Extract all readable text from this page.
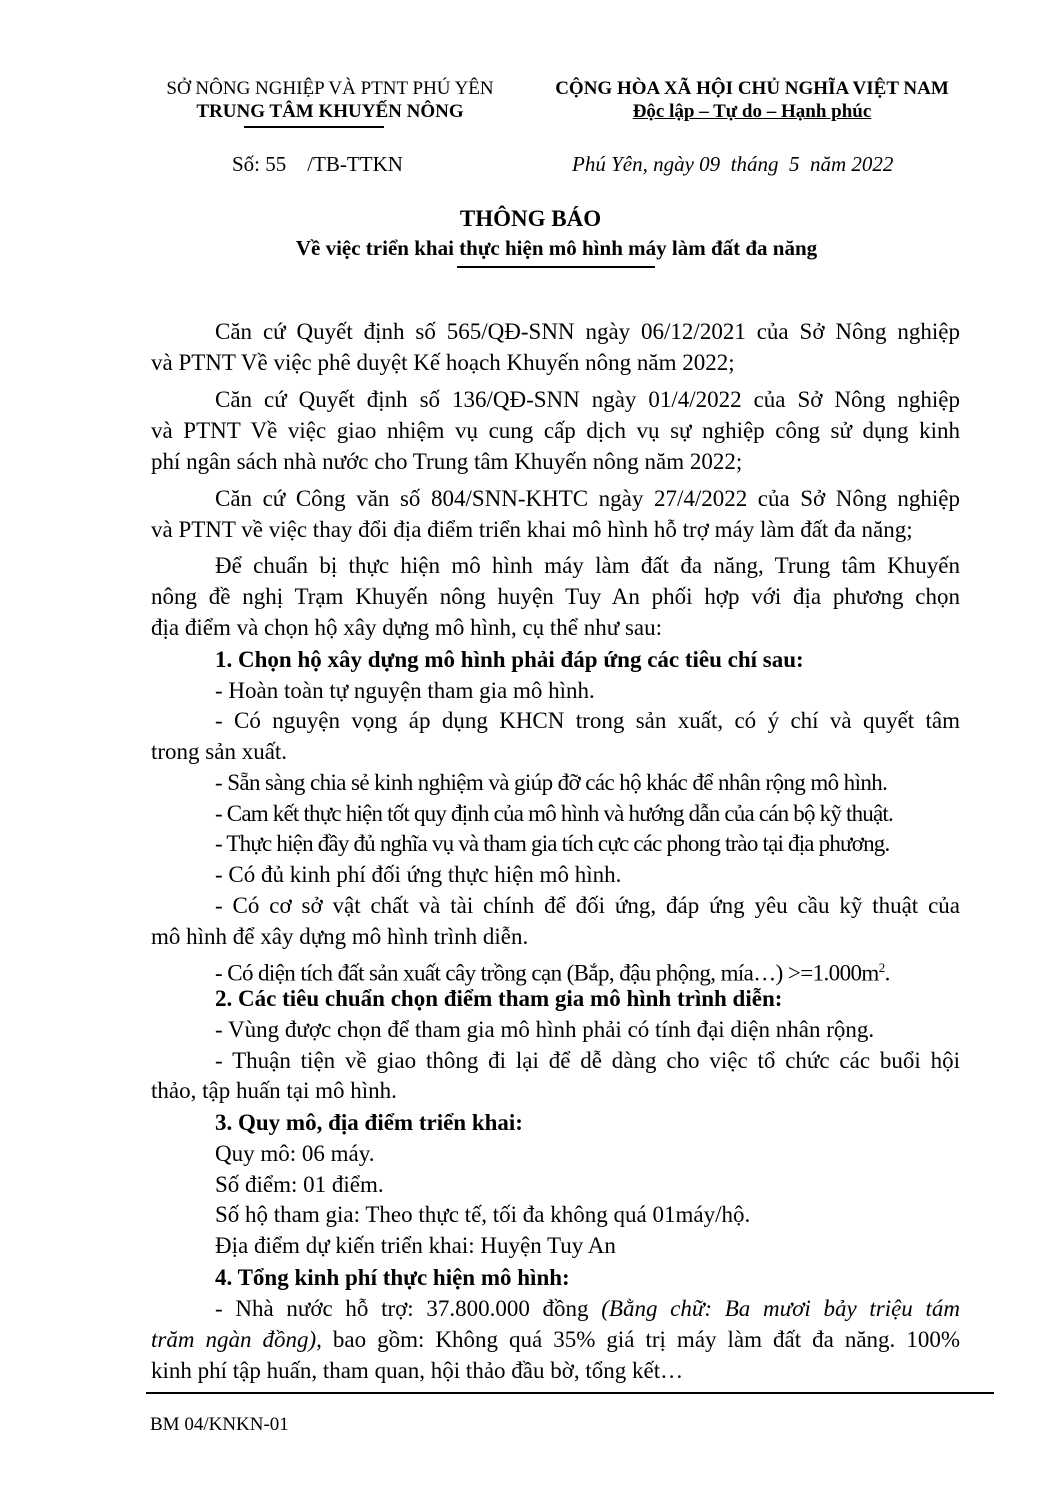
SỞ NÔNG NGHIỆP VÀ PTNT PHÚ YÊN
TRUNG TÂM KHUYẾN NÔNG
CỘNG HÒA XÃ HỘI CHỦ NGHĨA VIỆT NAM
Độc lập – Tự do – Hạnh phúc
Số: 55    /TB-TTKN	Phú Yên, ngày 09  tháng  5  năm 2022
THÔNG BÁO
Về việc triển khai thực hiện mô hình máy làm đất đa năng
Căn cứ Quyết định số 565/QĐ-SNN ngày 06/12/2021 của Sở Nông nghiệp
và PTNT Về việc phê duyệt Kế hoạch Khuyến nông năm 2022;
Căn cứ Quyết định số 136/QĐ-SNN ngày 01/4/2022 của Sở Nông nghiệp
và PTNT Về việc giao nhiệm vụ cung cấp dịch vụ sự nghiệp công sử dụng kinh
phí ngân sách nhà nước cho Trung tâm Khuyến nông năm 2022;
Căn cứ Công văn số 804/SNN-KHTC ngày 27/4/2022 của Sở Nông nghiệp
và PTNT về việc thay đổi địa điểm triển khai mô hình hỗ trợ máy làm đất đa năng;
Để chuẩn bị thực hiện mô hình máy làm đất đa năng, Trung tâm Khuyến
nông đề nghị Trạm Khuyến nông huyện Tuy An phối hợp với địa phương chọn
địa điểm và chọn hộ xây dựng mô hình, cụ thể như sau:
1. Chọn hộ xây dựng mô hình phải đáp ứng các tiêu chí sau:
- Hoàn toàn tự nguyện tham gia mô hình.
- Có nguyện vọng áp dụng KHCN trong sản xuất, có ý chí và quyết tâm
trong sản xuất.
- Sẵn sàng chia sẻ kinh nghiệm và giúp đỡ các hộ khác để nhân rộng mô hình.
- Cam kết thực hiện tốt quy định của mô hình và hướng dẫn của cán bộ kỹ thuật.
- Thực hiện đầy đủ nghĩa vụ và tham gia tích cực các phong trào tại địa phương.
- Có đủ kinh phí đối ứng thực hiện mô hình.
- Có cơ sở vật chất và tài chính để đối ứng, đáp ứng yêu cầu kỹ thuật của
mô hình để xây dựng mô hình trình diễn.
- Có diện tích đất sản xuất cây trồng cạn (Bắp, đậu phộng, mía…) $>=1.000m^2$.
2. Các tiêu chuẩn chọn điểm tham gia mô hình trình diễn:
- Vùng được chọn để tham gia mô hình phải có tính đại diện nhân rộng.
- Thuận tiện về giao thông đi lại để dễ dàng cho việc tổ chức các buổi hội
thảo, tập huấn tại mô hình.
3. Quy mô, địa điểm triển khai:
Quy mô: 06 máy.
Số điểm: 01 điểm.
Số hộ tham gia: Theo thực tế, tối đa không quá 01máy/hộ.
Địa điểm dự kiến triển khai: Huyện Tuy An
4. Tổng kinh phí thực hiện mô hình:
- Nhà nước hỗ trợ: 37.800.000 đồng (Bằng chữ: Ba mươi bảy triệu tám
trăm ngàn đồng), bao gồm: Không quá 35% giá trị máy làm đất đa năng. 100%
kinh phí tập huấn, tham quan, hội thảo đầu bờ, tổng kết…
BM 04/KNKN-01
